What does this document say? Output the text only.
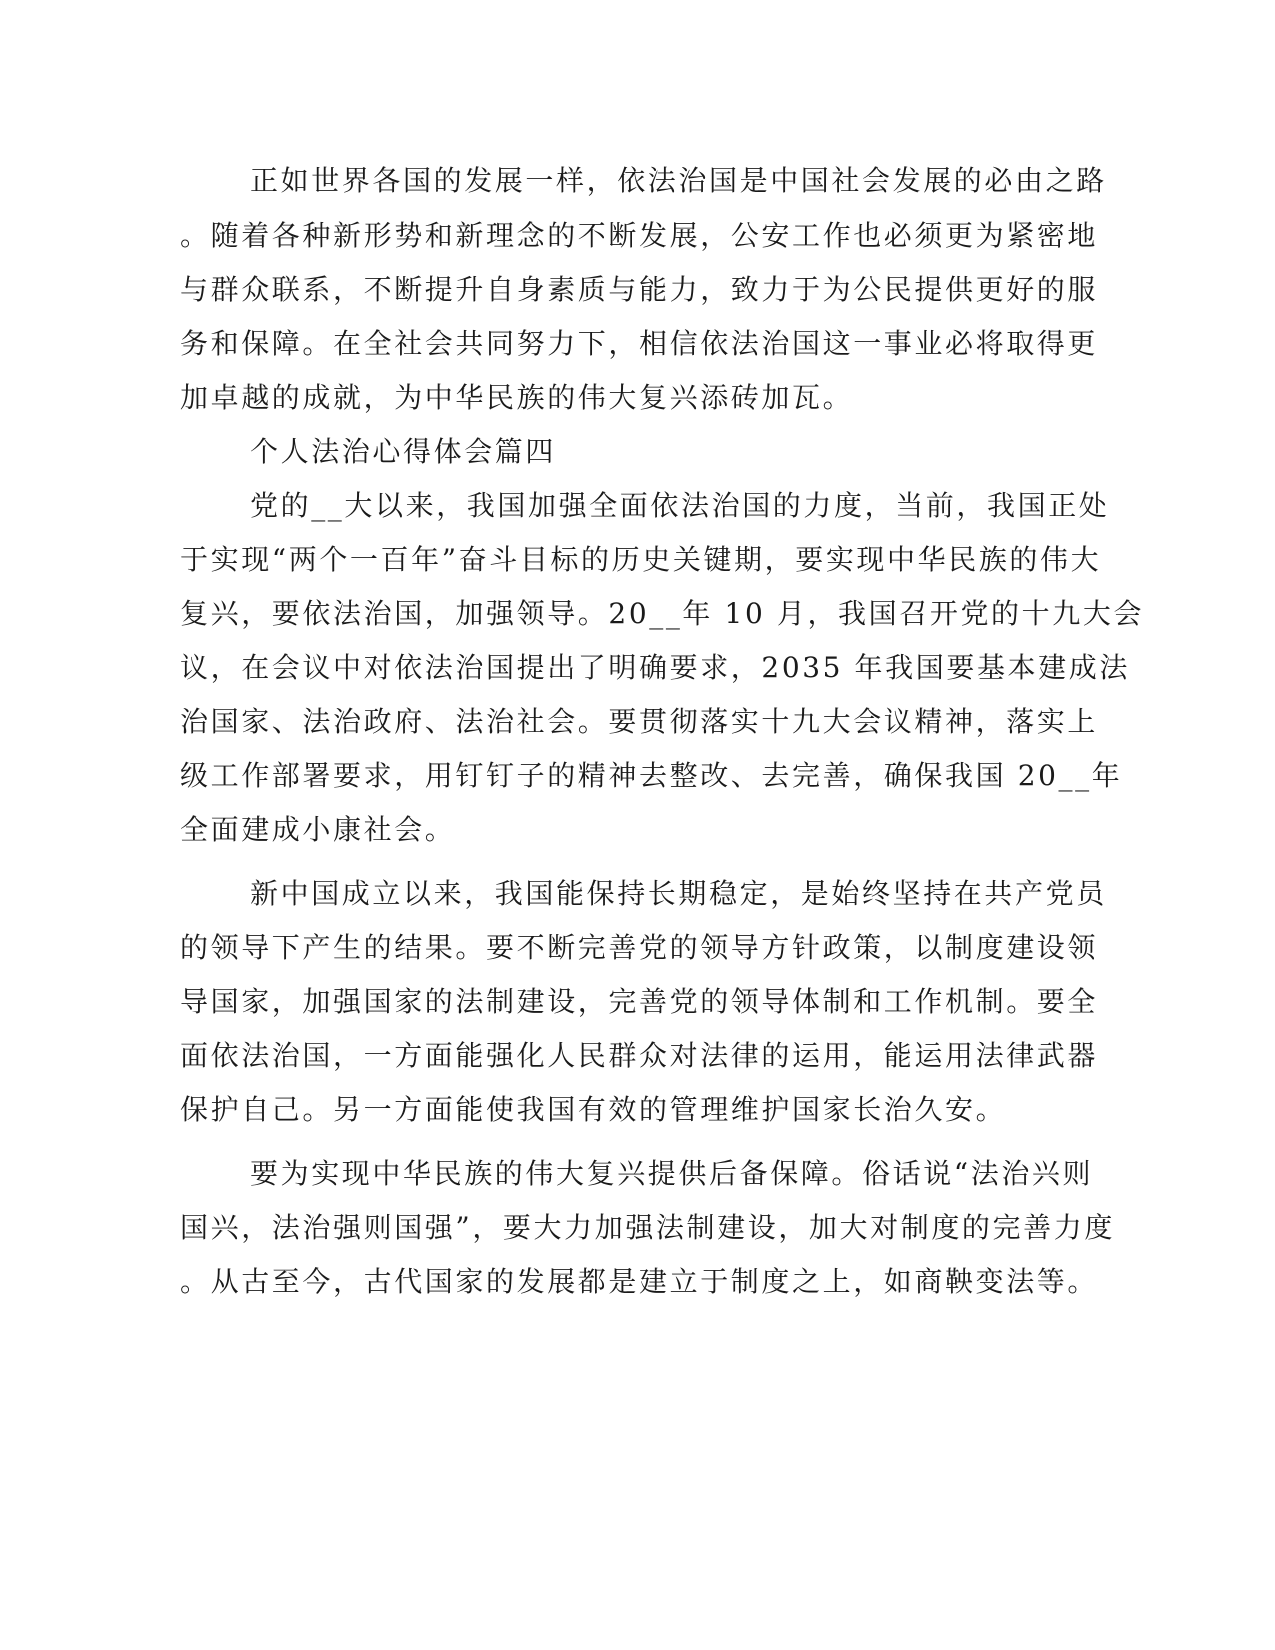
正如世界各国的发展一样，依法治国是中国社会发展的必由之路
。随着各种新形势和新理念的不断发展，公安工作也必须更为紧密地
与群众联系，不断提升自身素质与能力，致力于为公民提供更好的服
务和保障。在全社会共同努力下，相信依法治国这一事业必将取得更
加卓越的成就，为中华民族的伟大复兴添砖加瓦。
个人法治心得体会篇四
党的__大以来，我国加强全面依法治国的力度，当前，我国正处
于实现“两个一百年”奋斗目标的历史关键期，要实现中华民族的伟大
复兴，要依法治国，加强领导。20__年 10 月，我国召开党的十九大会
议，在会议中对依法治国提出了明确要求，2035 年我国要基本建成法
治国家、法治政府、法治社会。要贯彻落实十九大会议精神，落实上
级工作部署要求，用钉钉子的精神去整改、去完善，确保我国 20__年
全面建成小康社会。
新中国成立以来，我国能保持长期稳定，是始终坚持在共产党员
的领导下产生的结果。要不断完善党的领导方针政策，以制度建设领
导国家，加强国家的法制建设，完善党的领导体制和工作机制。要全
面依法治国，一方面能强化人民群众对法律的运用，能运用法律武器
保护自己。另一方面能使我国有效的管理维护国家长治久安。
要为实现中华民族的伟大复兴提供后备保障。俗话说“法治兴则
国兴，法治强则国强”，要大力加强法制建设，加大对制度的完善力度
。从古至今，古代国家的发展都是建立于制度之上，如商鞅变法等。
